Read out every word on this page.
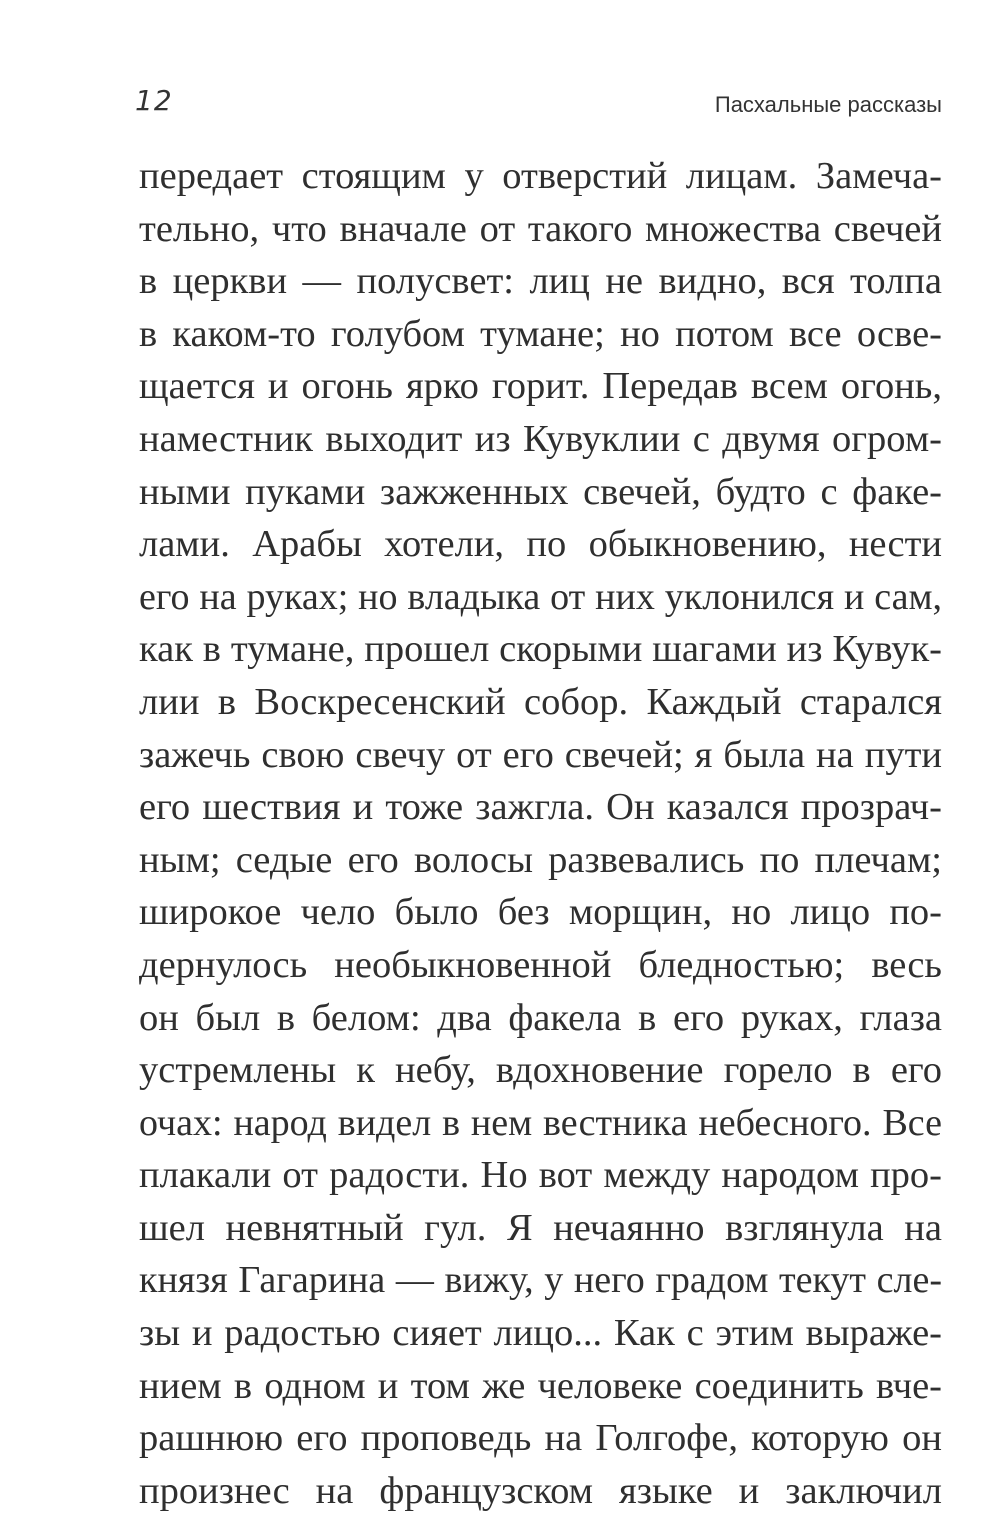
12	Пасхальные рассказы
передает стоящим у отверстий лицам. Замеча-
тельно, что вначале от такого множества свечей
в церкви — полусвет: лиц не видно, вся толпа
в каком-то голубом тумане; но потом все осве-
щается и огонь ярко горит. Передав всем огонь,
наместник выходит из Кувуклии с двумя огром-
ными пуками зажженных свечей, будто с факе-
лами. Арабы хотели, по обыкновению, нести
его на руках; но владыка от них уклонился и сам,
как в тумане, прошел скорыми шагами из Кувук-
лии в Воскресенский собор. Каждый старался
зажечь свою свечу от его свечей; я была на пути
его шествия и тоже зажгла. Он казался прозрач-
ным; седые его волосы развевались по плечам;
широкое чело было без морщин, но лицо по-
дернулось необыкновенной бледностью; весь
он был в белом: два факела в его руках, глаза
устремлены к небу, вдохновение горело в его
очах: народ видел в нем вестника небесного. Все
плакали от радости. Но вот между народом про-
шел невнятный гул. Я нечаянно взглянула на
князя Гагарина — вижу, у него градом текут сле-
зы и радостью сияет лицо... Как с этим выраже-
нием в одном и том же человеке соединить вче-
рашнюю его проповедь на Голгофе, которую он
произнес на французском языке и заключил
